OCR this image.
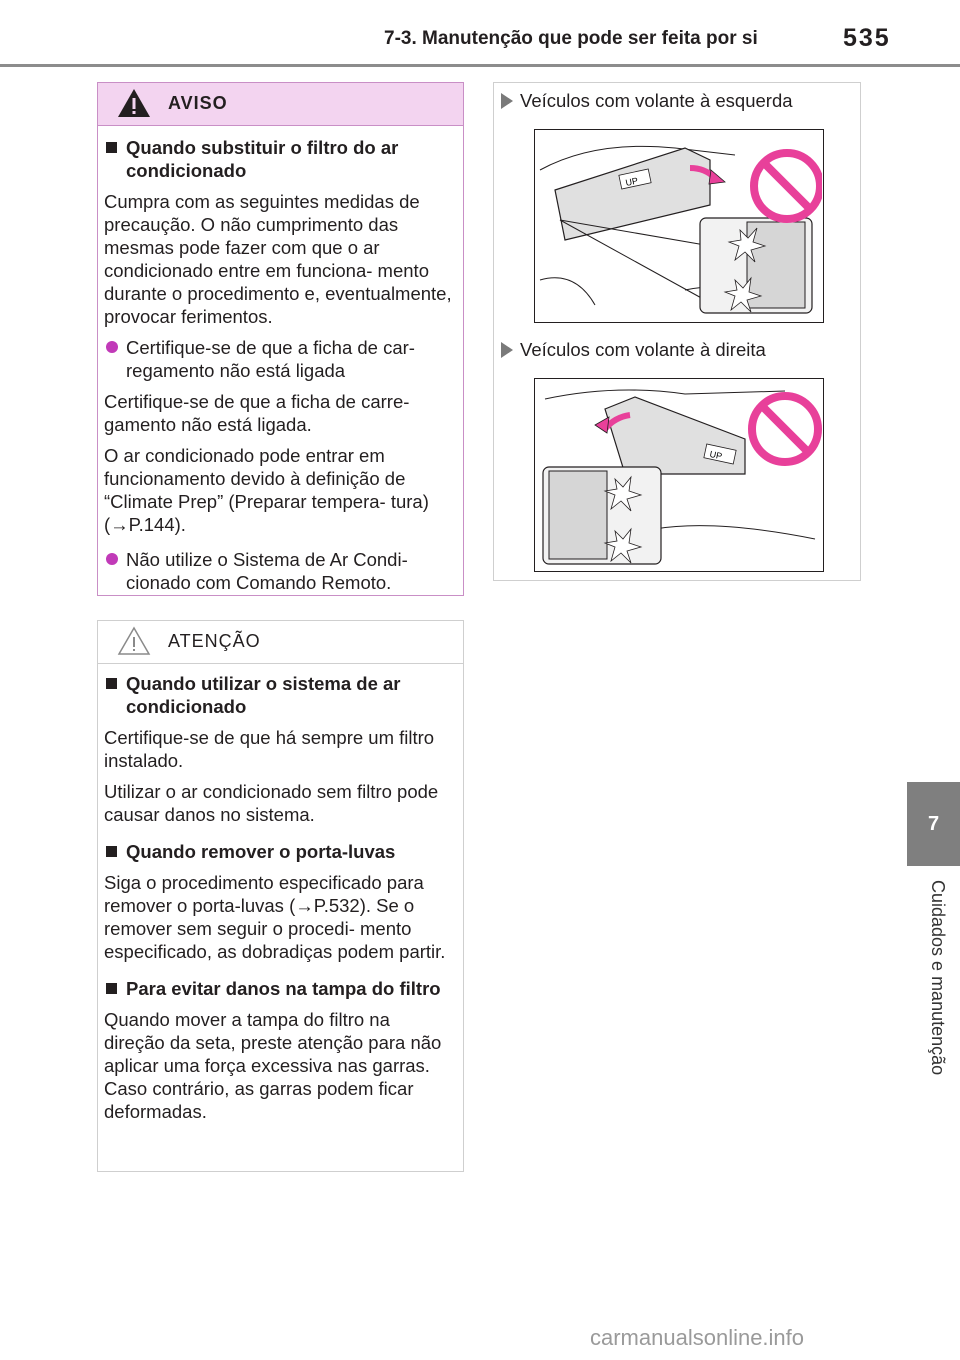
7-3. Manutenção que pode ser feita por si	535
7
Cuidados e manutenção
AVISO
Quando substituir o filtro do ar condicionado

Cumpra com as seguintes medidas de precaução. O não cumprimento das mesmas pode fazer com que o ar condicionado entre em funciona- mento durante o procedimento e, eventualmente, provocar ferimentos.

Certifique-se de que a ficha de car- regamento não está ligada

Certifique-se de que a ficha de carre- gamento não está ligada.

O ar condicionado pode entrar em funcionamento devido à definição de “Climate Prep” (Preparar tempera- tura) (→P.144).

Não utilize o Sistema de Ar Condi- cionado com Comando Remoto.
ATENÇÃO
Quando utilizar o sistema de ar condicionado

Certifique-se de que há sempre um filtro instalado.

Utilizar o ar condicionado sem filtro pode causar danos no sistema.

Quando remover o porta-luvas

Siga o procedimento especificado para remover o porta-luvas (→P.532). Se o remover sem seguir o procedi- mento especificado, as dobradiças podem partir.

Para evitar danos na tampa do filtro

Quando mover a tampa do filtro na direção da seta, preste atenção para não aplicar uma força excessiva nas garras. Caso contrário, as garras podem ficar deformadas.

Veículos com volante à esquerda
UP
Veículos com volante à direita
UP
carmanualsonline.info
